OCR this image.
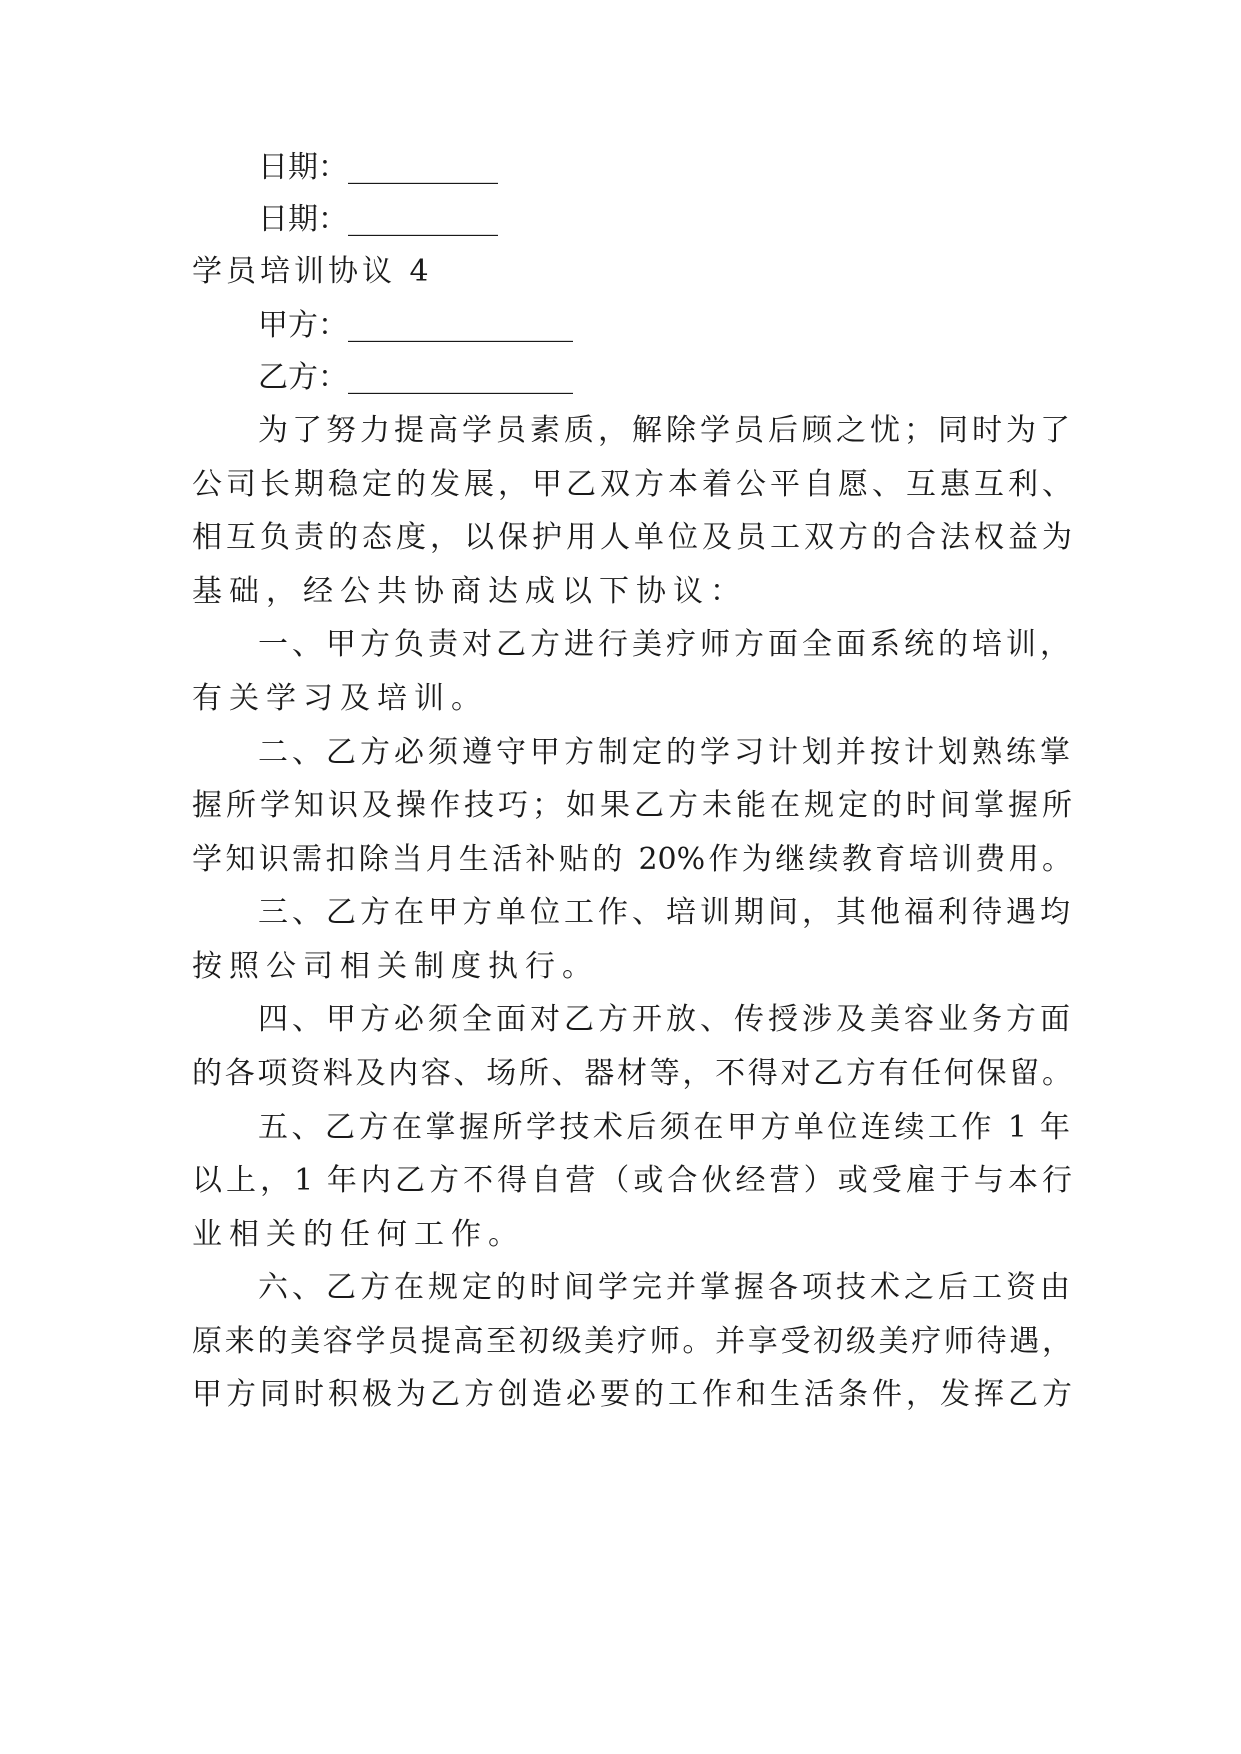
日期：__________
日期：__________
学员培训协议 4
甲方：_______________
乙方：_______________
为了努力提高学员素质，解除学员后顾之忧；同时为了
公司长期稳定的发展，甲乙双方本着公平自愿、互惠互利、
相互负责的态度，以保护用人单位及员工双方的合法权益为
基础，经公共协商达成以下协议：
一、甲方负责对乙方进行美疗师方面全面系统的培训，
有关学习及培训。
二、乙方必须遵守甲方制定的学习计划并按计划熟练掌
握所学知识及操作技巧；如果乙方未能在规定的时间掌握所
学知识需扣除当月生活补贴的 20%作为继续教育培训费用。
三、乙方在甲方单位工作、培训期间，其他福利待遇均
按照公司相关制度执行。
四、甲方必须全面对乙方开放、传授涉及美容业务方面
的各项资料及内容、场所、器材等，不得对乙方有任何保留。
五、乙方在掌握所学技术后须在甲方单位连续工作 1 年
以上，1 年内乙方不得自营（或合伙经营）或受雇于与本行
业相关的任何工作。
六、乙方在规定的时间学完并掌握各项技术之后工资由
原来的美容学员提高至初级美疗师。并享受初级美疗师待遇，
甲方同时积极为乙方创造必要的工作和生活条件，发挥乙方
